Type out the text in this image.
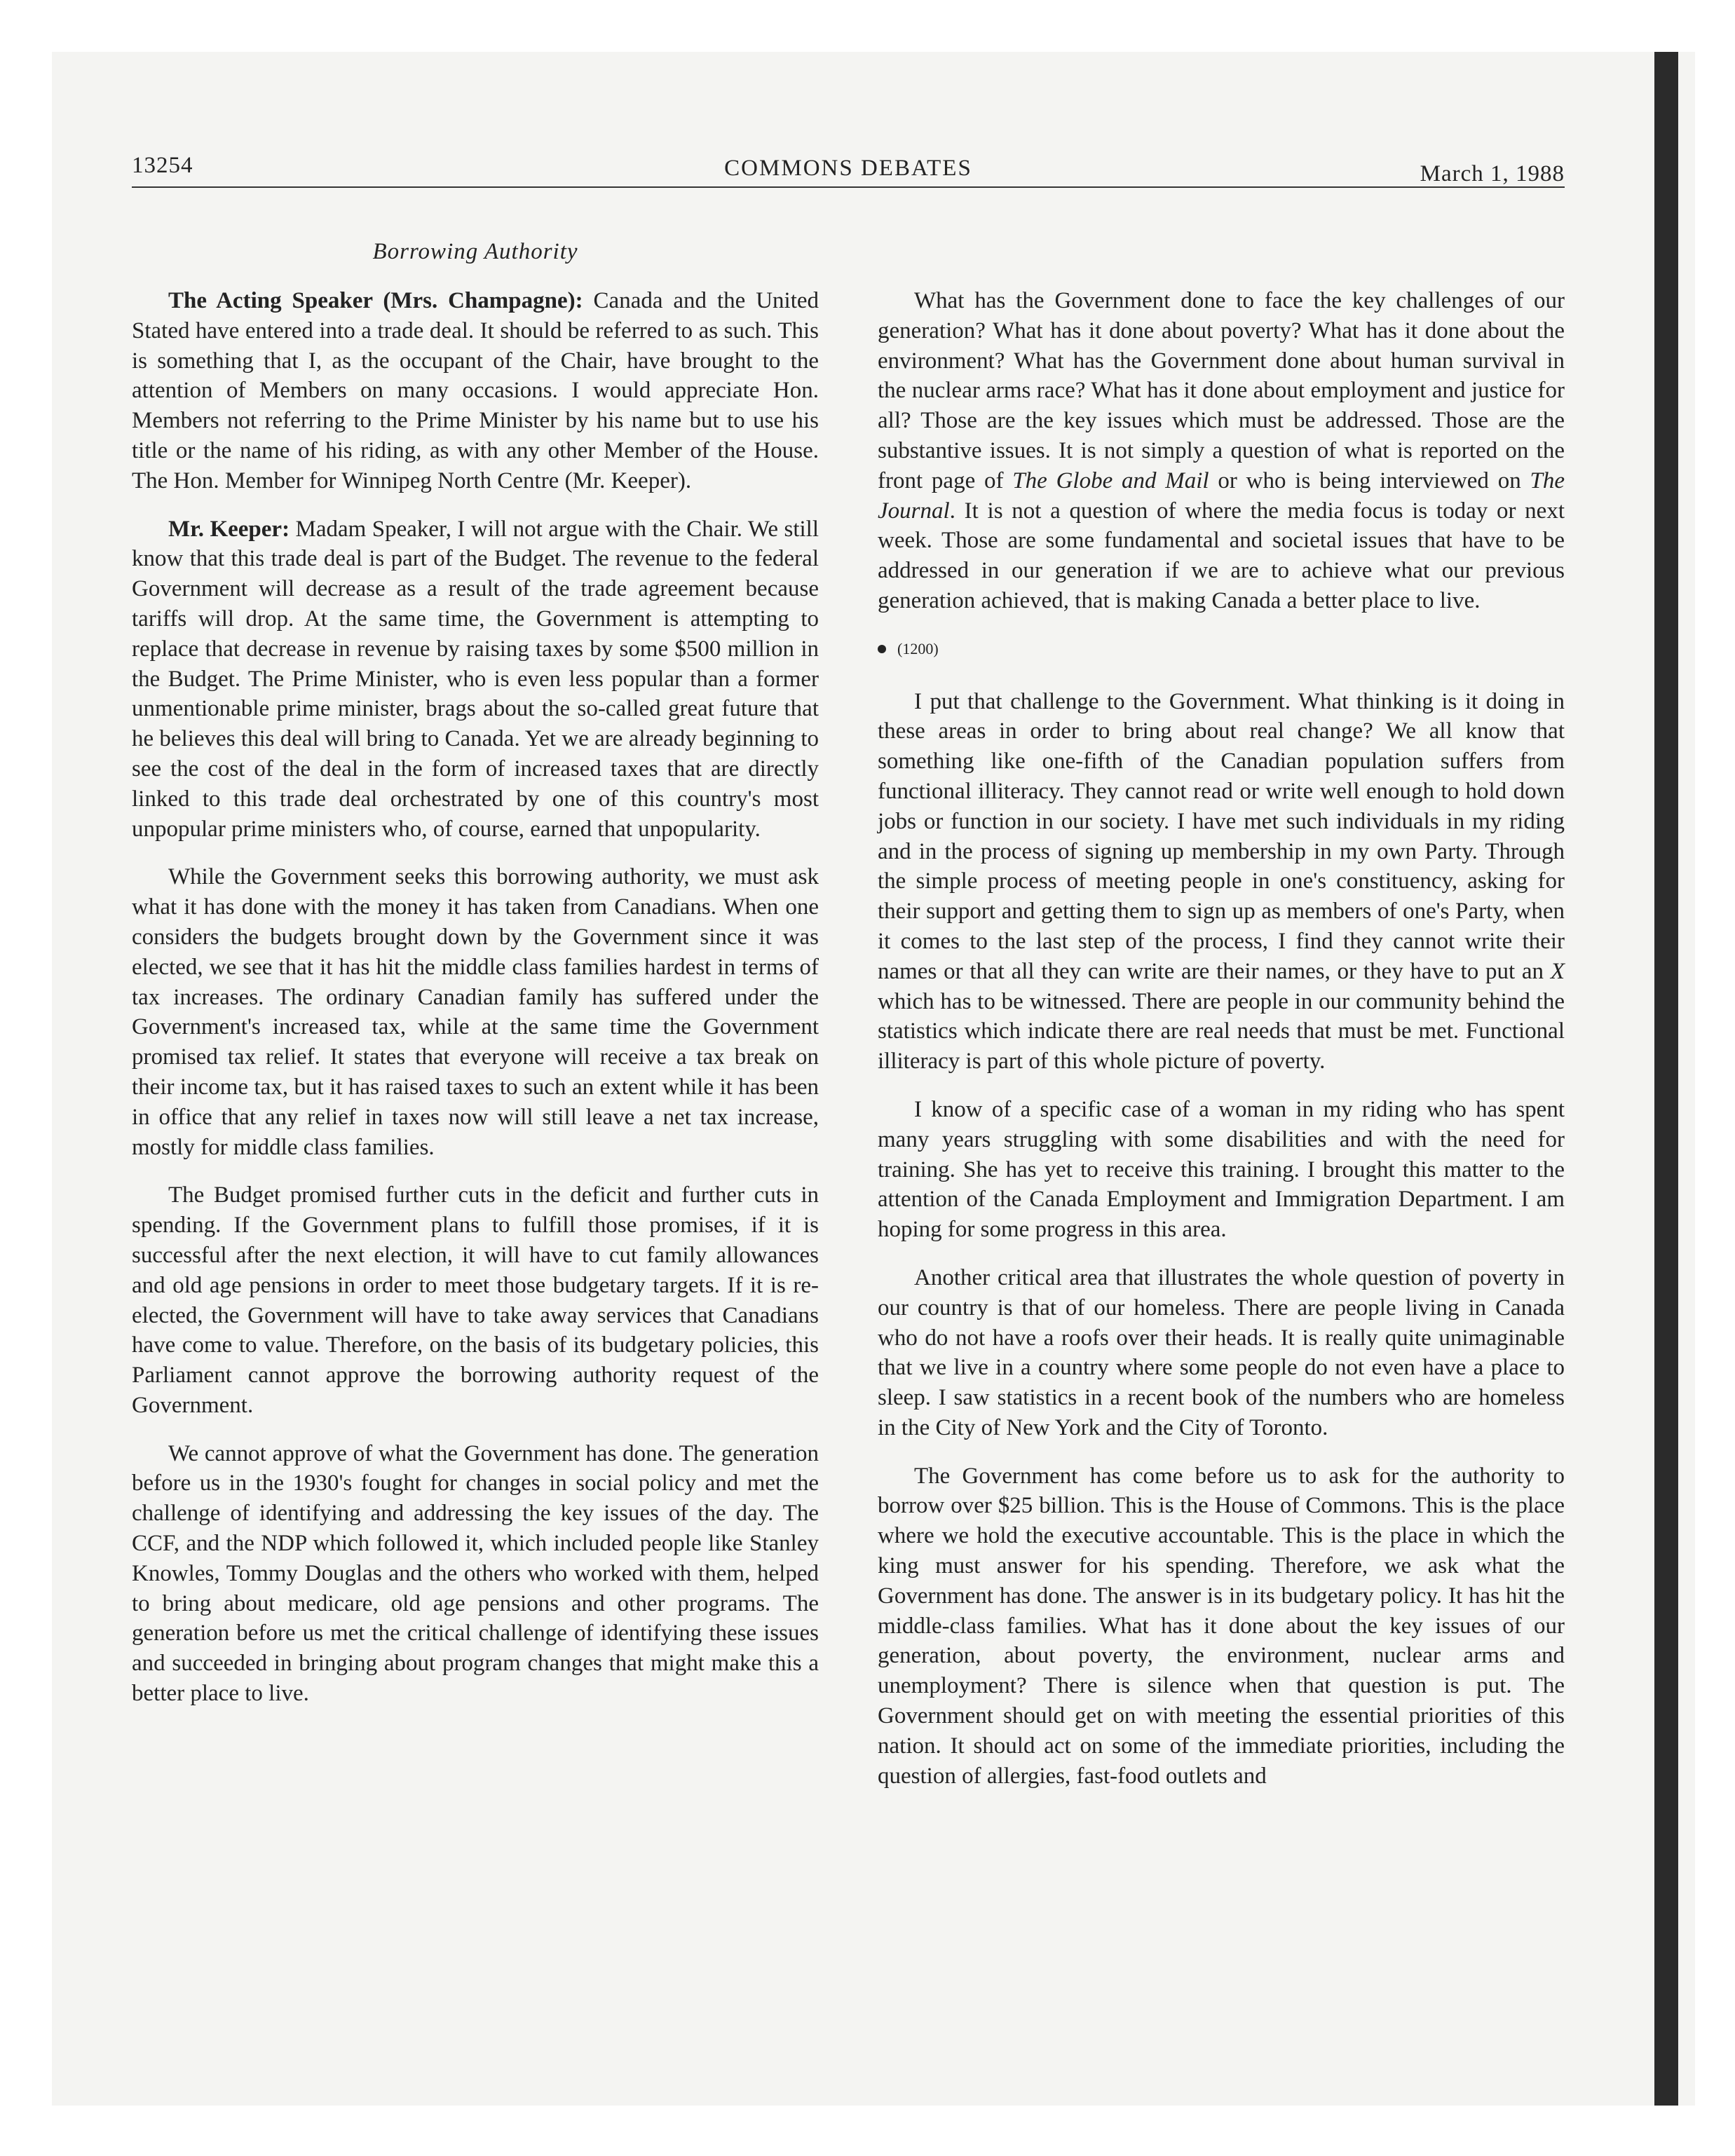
13254	COMMONS DEBATES	March 1, 1988
Borrowing Authority

The Acting Speaker (Mrs. Champagne): Canada and the United Stated have entered into a trade deal. It should be referred to as such. This is something that I, as the occupant of the Chair, have brought to the attention of Members on many occasions. I would appreciate Hon. Members not referring to the Prime Minister by his name but to use his title or the name of his riding, as with any other Member of the House. The Hon. Member for Winnipeg North Centre (Mr. Keeper).

Mr. Keeper: Madam Speaker, I will not argue with the Chair. We still know that this trade deal is part of the Budget. The revenue to the federal Government will decrease as a result of the trade agreement because tariffs will drop. At the same time, the Government is attempting to replace that decrease in revenue by raising taxes by some $500 million in the Budget. The Prime Minister, who is even less popular than a former unmentionable prime minister, brags about the so-called great future that he believes this deal will bring to Canada. Yet we are already beginning to see the cost of the deal in the form of increased taxes that are directly linked to this trade deal orchestrated by one of this country's most unpopular prime ministers who, of course, earned that unpopularity.

While the Government seeks this borrowing authority, we must ask what it has done with the money it has taken from Canadians. When one considers the budgets brought down by the Government since it was elected, we see that it has hit the middle class families hardest in terms of tax increases. The ordinary Canadian family has suffered under the Government's increased tax, while at the same time the Government promised tax relief. It states that everyone will receive a tax break on their income tax, but it has raised taxes to such an extent while it has been in office that any relief in taxes now will still leave a net tax increase, mostly for middle class families.

The Budget promised further cuts in the deficit and further cuts in spending. If the Government plans to fulfill those promises, if it is successful after the next election, it will have to cut family allowances and old age pensions in order to meet those budgetary targets. If it is re-elected, the Government will have to take away services that Canadians have come to value. Therefore, on the basis of its budgetary policies, this Parliament cannot approve the borrowing authority request of the Government.

We cannot approve of what the Government has done. The generation before us in the 1930's fought for changes in social policy and met the challenge of identifying and addressing the key issues of the day. The CCF, and the NDP which followed it, which included people like Stanley Knowles, Tommy Douglas and the others who worked with them, helped to bring about medicare, old age pensions and other programs. The generation before us met the critical challenge of identifying these issues and succeeded in bringing about program changes that might make this a better place to live.

What has the Government done to face the key challenges of our generation? What has it done about poverty? What has it done about the environment? What has the Government done about human survival in the nuclear arms race? What has it done about employment and justice for all? Those are the key issues which must be addressed. Those are the substantive issues. It is not simply a question of what is reported on the front page of The Globe and Mail or who is being interviewed on The Journal. It is not a question of where the media focus is today or next week. Those are some fundamental and societal issues that have to be addressed in our generation if we are to achieve what our previous generation achieved, that is making Canada a better place to live.

(1200)

I put that challenge to the Government. What thinking is it doing in these areas in order to bring about real change? We all know that something like one-fifth of the Canadian population suffers from functional illiteracy. They cannot read or write well enough to hold down jobs or function in our society. I have met such individuals in my riding and in the process of signing up membership in my own Party. Through the simple process of meeting people in one's constituency, asking for their support and getting them to sign up as members of one's Party, when it comes to the last step of the process, I find they cannot write their names or that all they can write are their names, or they have to put an X which has to be witnessed. There are people in our community behind the statistics which indicate there are real needs that must be met. Functional illiteracy is part of this whole picture of poverty.

I know of a specific case of a woman in my riding who has spent many years struggling with some disabilities and with the need for training. She has yet to receive this training. I brought this matter to the attention of the Canada Employment and Immigration Department. I am hoping for some progress in this area.

Another critical area that illustrates the whole question of poverty in our country is that of our homeless. There are people living in Canada who do not have a roofs over their heads. It is really quite unimaginable that we live in a country where some people do not even have a place to sleep. I saw statistics in a recent book of the numbers who are homeless in the City of New York and the City of Toronto.

The Government has come before us to ask for the authority to borrow over $25 billion. This is the House of Commons. This is the place where we hold the executive accountable. This is the place in which the king must answer for his spending. Therefore, we ask what the Government has done. The answer is in its budgetary policy. It has hit the middle-class families. What has it done about the key issues of our generation, about poverty, the environment, nuclear arms and unemployment? There is silence when that question is put. The Government should get on with meeting the essential priorities of this nation. It should act on some of the immediate priorities, including the question of allergies, fast-food outlets and
